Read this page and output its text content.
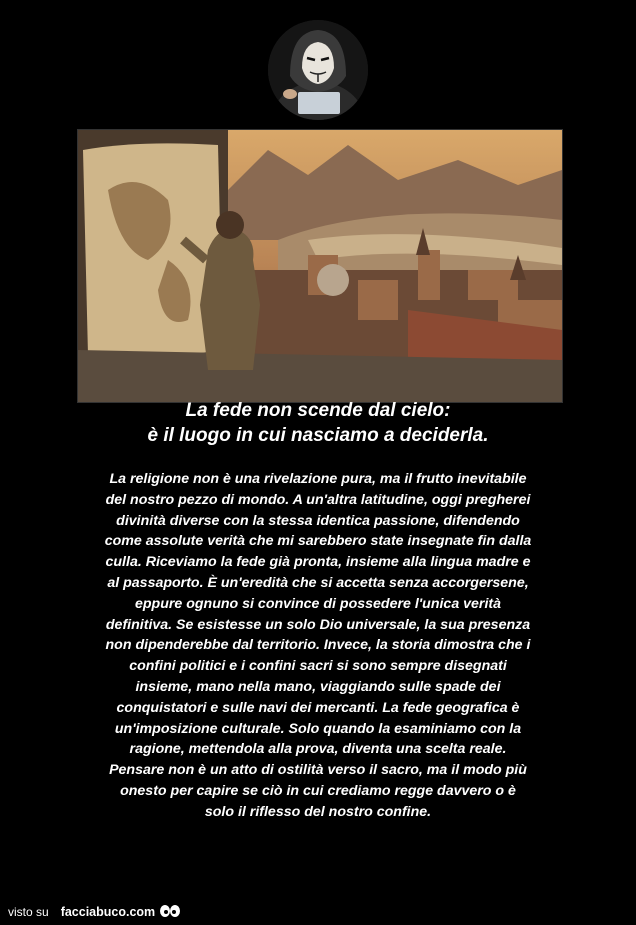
La fede non scende dal cielo:
è il luogo in cui nasciamo a deciderla.
La religione non è una rivelazione pura, ma il frutto inevitabile
del nostro pezzo di mondo. A un'altra latitudine, oggi pregherei
divinità diverse con la stessa identica passione, difendendo
come assolute verità che mi sarebbero state insegnate fin dalla
culla. Riceviamo la fede già pronta, insieme alla lingua madre e
al passaporto. È un'eredità che si accetta senza accorgersene,
eppure ognuno si convince di possedere l'unica verità
definitiva. Se esistesse un solo Dio universale, la sua presenza
non dipenderebbe dal territorio. Invece, la storia dimostra che i
confini politici e i confini sacri si sono sempre disegnati
insieme, mano nella mano, viaggiando sulle spade dei
conquistatori e sulle navi dei mercanti. La fede geografica è
un'imposizione culturale. Solo quando la esaminiamo con la
ragione, mettendola alla prova, diventa una scelta reale.
Pensare non è un atto di ostilità verso il sacro, ma il modo più
onesto per capire se ciò in cui crediamo regge davvero o è
solo il riflesso del nostro confine.
visto su facciabuco.com
